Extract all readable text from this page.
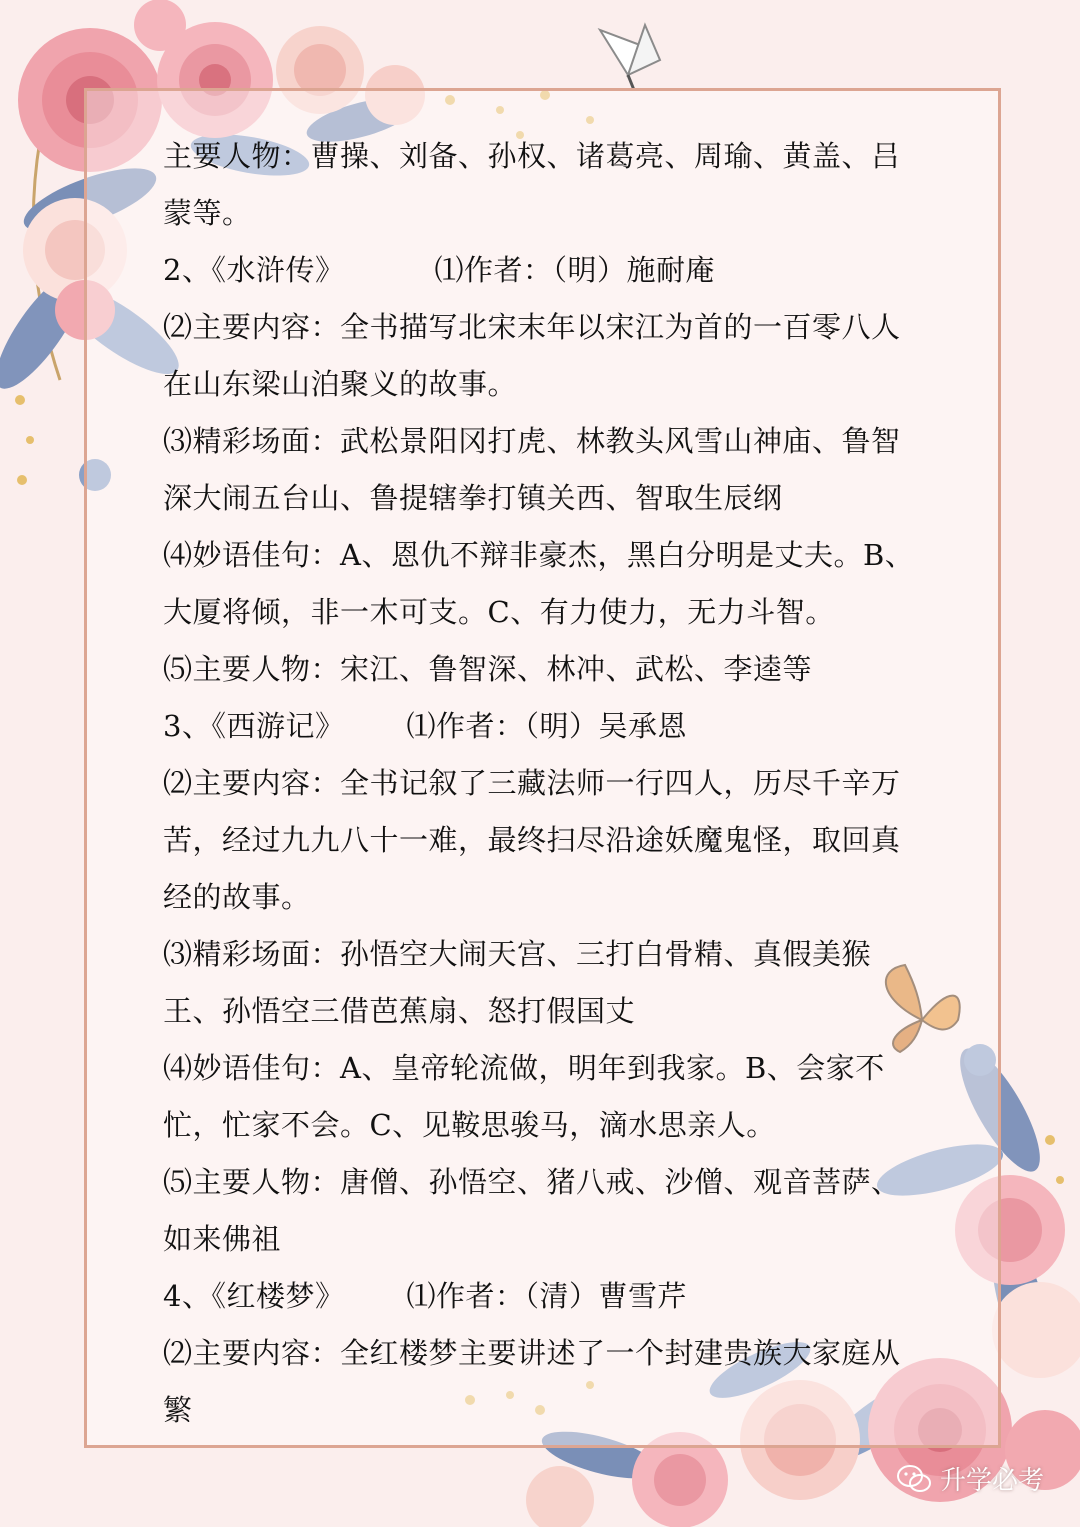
主要人物：曹操、刘备、孙权、诸葛亮、周瑜、黄盖、吕蒙等。

2、《水浒传》	⑴作者：（明）施耐庵

⑵主要内容：全书描写北宋末年以宋江为首的一百零八人在山东梁山泊聚义的故事。

⑶精彩场面：武松景阳冈打虎、林教头风雪山神庙、鲁智深大闹五台山、鲁提辖拳打镇关西、智取生辰纲

⑷妙语佳句：A、恩仇不辩非豪杰，黑白分明是丈夫。B、大厦将倾，非一木可支。C、有力使力，无力斗智。

⑸主要人物：宋江、鲁智深、林冲、武松、李逵等

3、《西游记》 ⑴作者：（明）吴承恩

⑵主要内容：全书记叙了三藏法师一行四人，历尽千辛万苦，经过九九八十一难，最终扫尽沿途妖魔鬼怪，取回真经的故事。

⑶精彩场面：孙悟空大闹天宫、三打白骨精、真假美猴王、孙悟空三借芭蕉扇、怒打假国丈

⑷妙语佳句：A、皇帝轮流做，明年到我家。B、会家不忙，忙家不会。C、见鞍思骏马，滴水思亲人。

⑸主要人物：唐僧、孙悟空、猪八戒、沙僧、观音菩萨、如来佛祖

4、《红楼梦》 ⑴作者：（清）曹雪芹

⑵主要内容：全红楼梦主要讲述了一个封建贵族大家庭从繁

升学必考
